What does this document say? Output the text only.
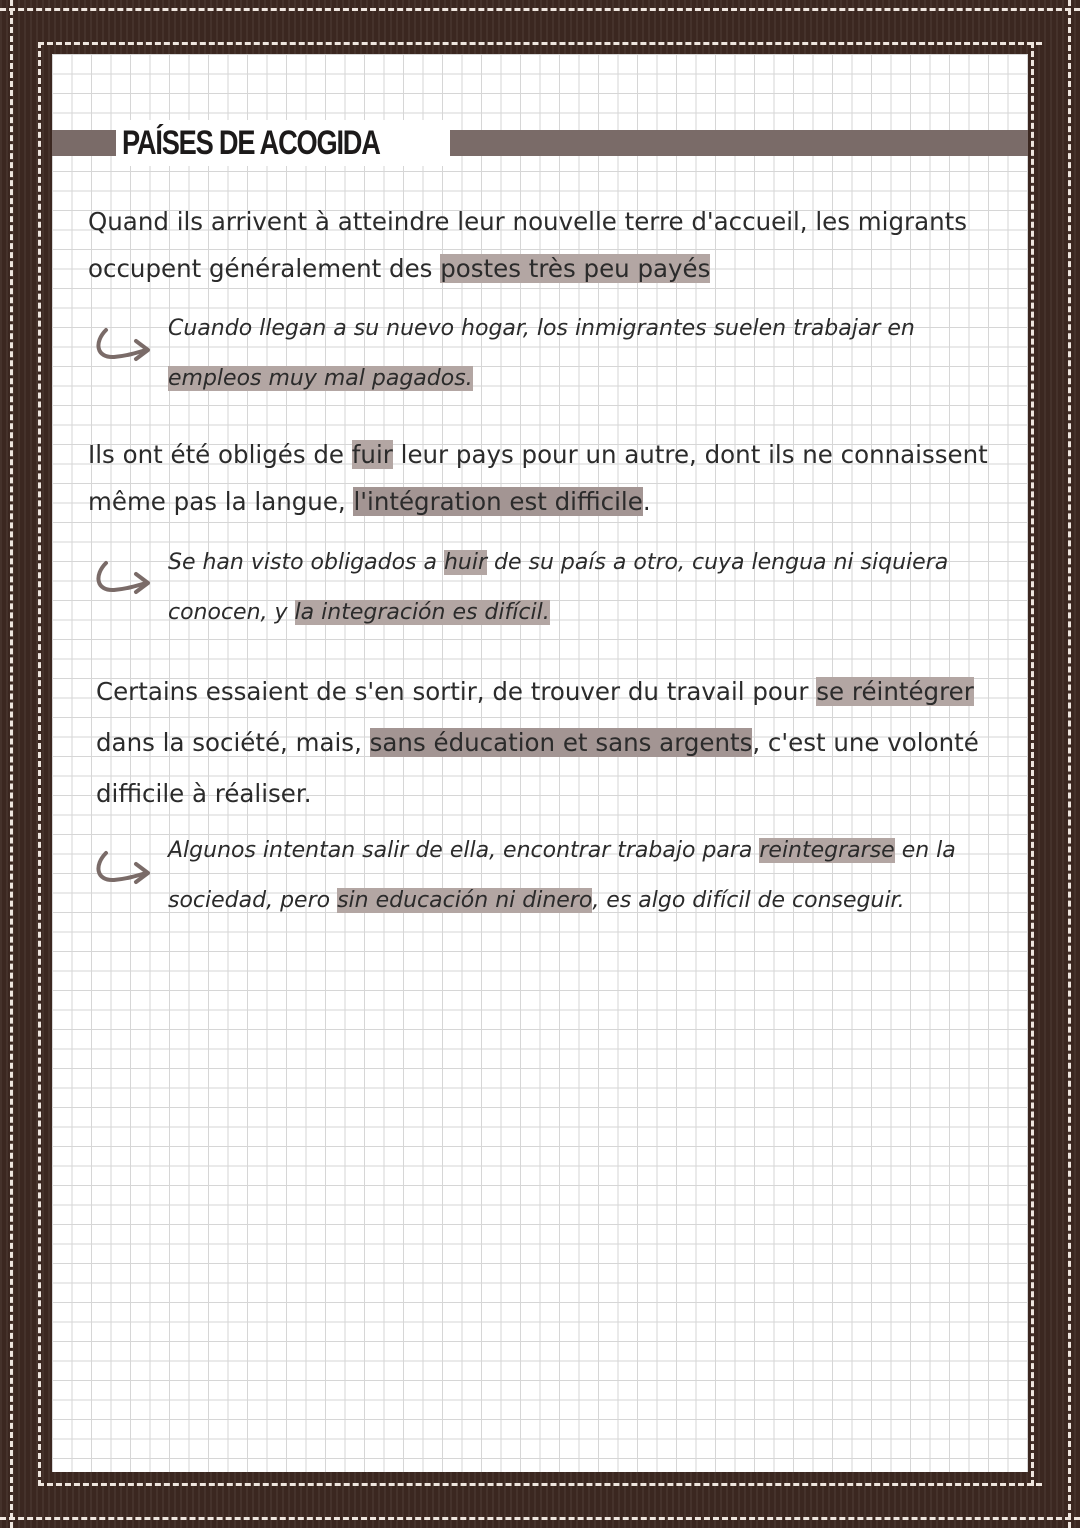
PAÍSES DE ACOGIDA

Quand ils arrivent à atteindre leur nouvelle terre d'accueil, les migrants occupent généralement des postes très peu payés

Cuando llegan a su nuevo hogar, los inmigrantes suelen trabajar en empleos muy mal pagados.

Ils ont été obligés de fuir leur pays pour un autre, dont ils ne connaissent même pas la langue, l'intégration est difficile.

Se han visto obligados a huir de su país a otro, cuya lengua ni siquiera conocen, y la integración es difícil.

Certains essaient de s'en sortir, de trouver du travail pour se réintégrer dans la société, mais, sans éducation et sans argents, c'est une volonté difficile à réaliser.

Algunos intentan salir de ella, encontrar trabajo para reintegrarse en la sociedad, pero sin educación ni dinero, es algo difícil de conseguir.
